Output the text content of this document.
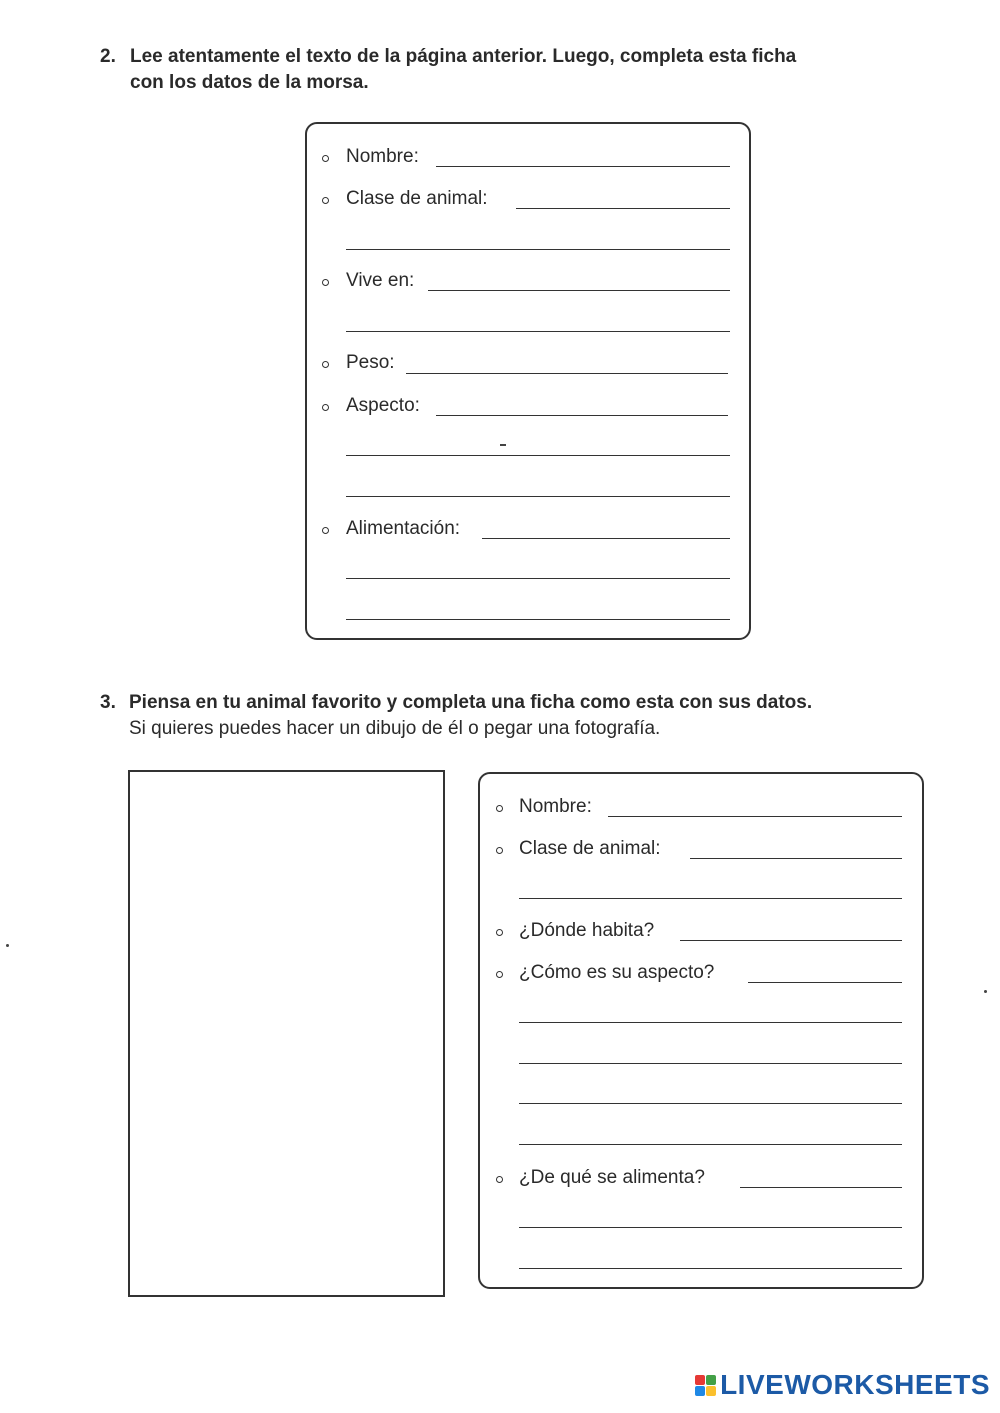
2. Lee atentamente el texto de la página anterior. Luego, completa esta ficha
con los datos de la morsa.
Nombre:
Clase de animal:
Vive en:
Peso:
Aspecto:
Alimentación:
3. Piensa en tu animal favorito y completa una ficha como esta con sus datos.
Si quieres puedes hacer un dibujo de él o pegar una fotografía.
Nombre:
Clase de animal:
¿Dónde habita?
¿Cómo es su aspecto?
¿De qué se alimenta?
LIVEWORKSHEETS
